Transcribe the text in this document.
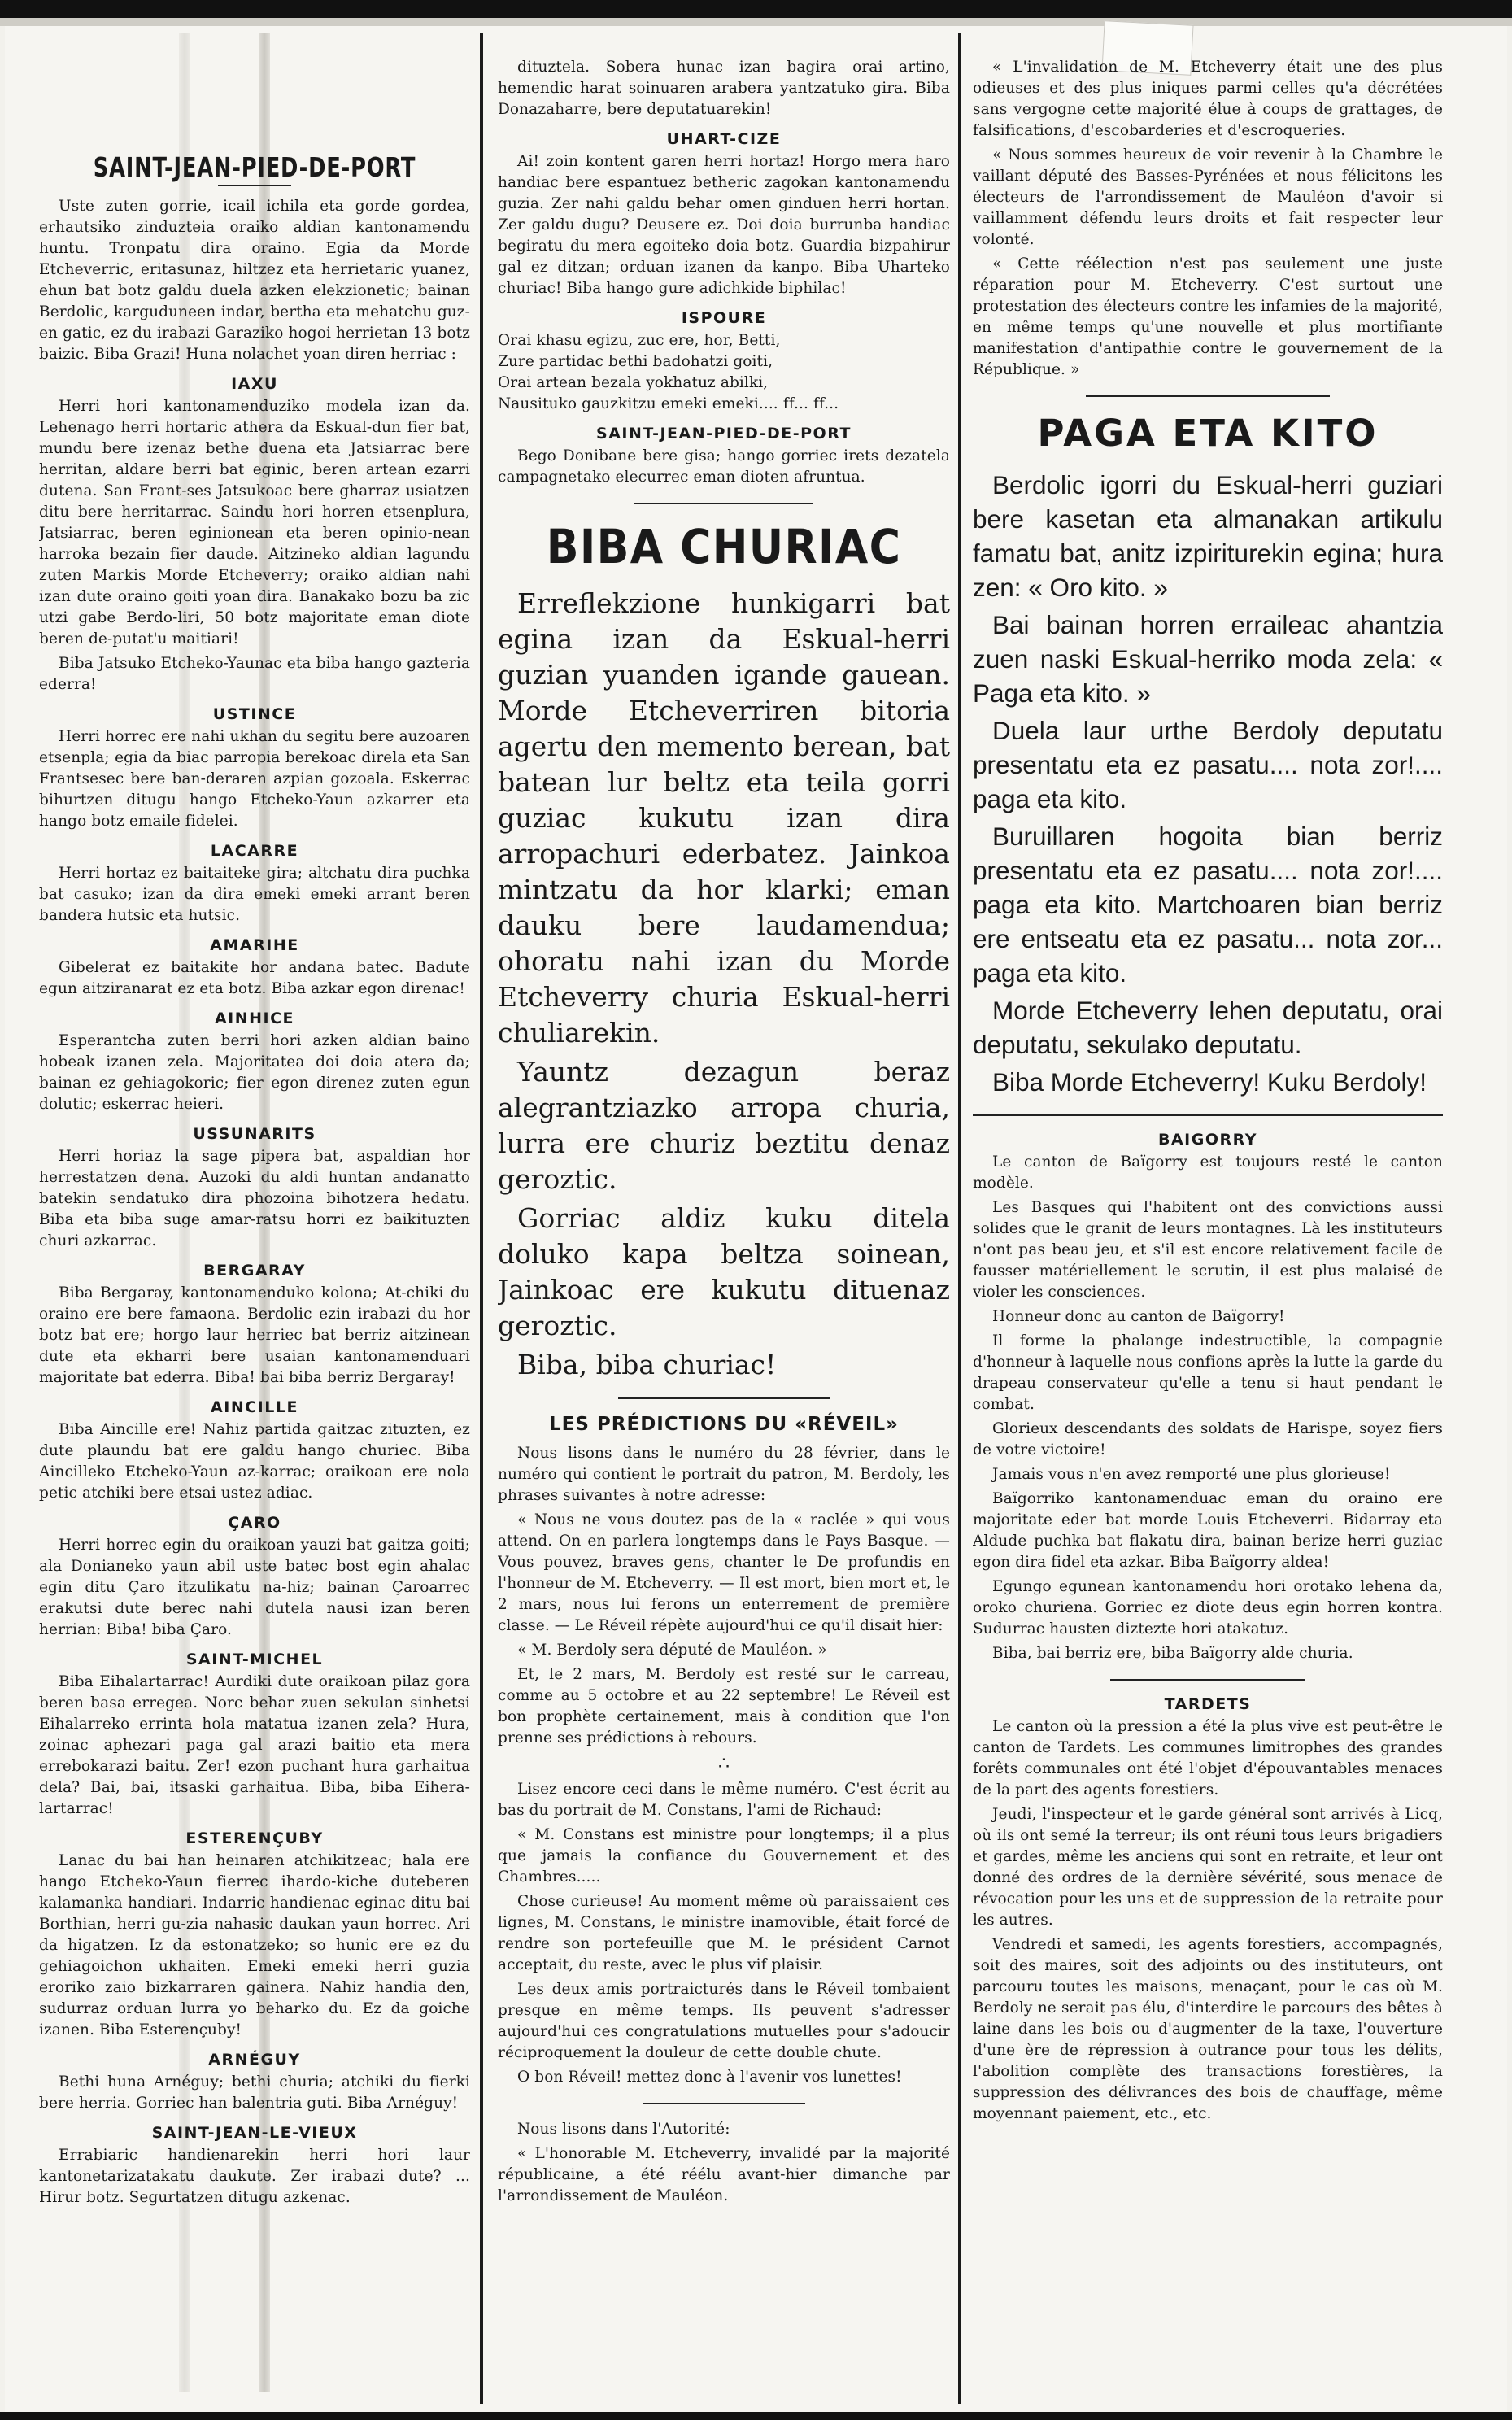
SAINT-JEAN-PIED-DE-PORT

Uste zuten gorrie, icail ichila eta gorde gordea, erhautsiko zinduzteia oraiko aldian kantonamendu huntu. Tronpatu dira oraino. Egia da Morde Etcheverric, eritasunaz, hiltzez eta herrietaric yuanez, ehun bat botz galdu duela azken elekzionetic; bainan Berdolic, karguduneen indar, bertha eta mehatchu guz-en gatic, ez du irabazi Garaziko hogoi herrietan 13 botz baizic. Biba Grazi! Huna nolachet yoan diren herriac :

IAXU

Herri hori kantonamenduziko modela izan da. Lehenago herri hortaric athera da Eskual-dun fier bat, mundu bere izenaz bethe duena eta Jatsiarrac bere herritan, aldare berri bat eginic, beren artean ezarri dutena. San Frant-ses Jatsukoac bere gharraz usiatzen ditu bere herritarrac. Saindu hori horren etsenplura, Jatsiarrac, beren eginionean eta beren opinio-nean harroka bezain fier daude. Aitzineko aldian lagundu zuten Markis Morde Etcheverry; oraiko aldian nahi izan dute oraino goiti yoan dira. Banakako bozu ba zic utzi gabe Berdo-liri, 50 botz majoritate eman diote beren de-putat'u maitiari!

Biba Jatsuko Etcheko-Yaunac eta biba hango gazteria ederra!

USTINCE

Herri horrec ere nahi ukhan du segitu bere auzoaren etsenpla; egia da biac parropia berekoac direla eta San Frantsesec bere ban-deraren azpian gozoala. Eskerrac bihurtzen ditugu hango Etcheko-Yaun azkarrer eta hango botz emaile fidelei.

LACARRE

Herri hortaz ez baitaiteke gira; altchatu dira puchka bat casuko; izan da dira emeki emeki arrant beren bandera hutsic eta hutsic.

AMARIHE

Gibelerat ez baitakite hor andana batec. Badute egun aitziranarat ez eta botz. Biba azkar egon direnac!

AINHICE

Esperantcha zuten berri hori azken aldian baino hobeak izanen zela. Majoritatea doi doia atera da; bainan ez gehiagokoric; fier egon direnez zuten egun dolutic; eskerrac heieri.

USSUNARITS

Herri horiaz la sage pipera bat, aspaldian hor herrestatzen dena. Auzoki du aldi huntan andanatto batekin sendatuko dira phozoina bihotzera hedatu. Biba eta biba suge amar-ratsu horri ez baikituzten churi azkarrac.

BERGARAY

Biba Bergaray, kantonamenduko kolona; At-chiki du oraino ere bere famaona. Berdolic ezin irabazi du hor botz bat ere; horgo laur herriec bat berriz aitzinean dute eta ekharri bere usaian kantonamenduari majoritate bat ederra. Biba! bai biba berriz Bergaray!

AINCILLE

Biba Aincille ere! Nahiz partida gaitzac zituzten, ez dute plaundu bat ere galdu hango churiec. Biba Aincilleko Etcheko-Yaun az-karrac; oraikoan ere nola petic atchiki bere etsai ustez adiac.

ÇARO

Herri horrec egin du oraikoan yauzi bat gaitza goiti; ala Donianeko yaun abil uste batec bost egin ahalac egin ditu Çaro itzulikatu na-hiz; bainan Çaroarrec erakutsi dute berec nahi dutela nausi izan beren herrian: Biba! biba Çaro.

SAINT-MICHEL

Biba Eihalartarrac! Aurdiki dute oraikoan pilaz gora beren basa erregea. Norc behar zuen sekulan sinhetsi Eihalarreko errinta hola matatua izanen zela? Hura, zoinac aphezari paga gal arazi baitio eta mera errebokarazi baitu. Zer! ezon puchant hura garhaitua dela? Bai, bai, itsaski garhaitua. Biba, biba Eihera-lartarrac!

ESTERENÇUBY

Lanac du bai han heinaren atchikitzeac; hala ere hango Etcheko-Yaun fierrec ihardo-kiche duteberen kalamanka handiari. Indarric handienac eginac ditu bai Borthian, herri gu-zia nahasic daukan yaun horrec. Ari da higatzen. Iz da estonatzeko; so hunic ere ez du gehiagoichon ukhaiten. Emeki emeki herri guzia eroriko zaio bizkarraren gainera. Nahiz handia den, sudurraz orduan lurra yo beharko du. Ez da goiche izanen. Biba Esterençuby!

ARNÉGUY

Bethi huna Arnéguy; bethi churia; atchiki du fierki bere herria. Gorriec han balentria guti. Biba Arnéguy!

SAINT-JEAN-LE-VIEUX

Errabiaric handienarekin herri hori laur kantonetarizatakatu daukute. Zer irabazi dute? ... Hirur botz. Segurtatzen ditugu azkenac.

dituztela. Sobera hunac izan bagira orai artino, hemendic harat soinuaren arabera yantzatuko gira. Biba Donazaharre, bere deputatuarekin!

UHART-CIZE

Ai! zoin kontent garen herri hortaz! Horgo mera haro handiac bere espantuez betheric zagokan kantonamendu guzia. Zer nahi galdu behar omen ginduen herri hortan. Zer galdu dugu? Deusere ez. Doi doia burrunba handiac begiratu du mera egoiteko doia botz. Guardia bizpahirur gal ez ditzan; orduan izanen da kanpo. Biba Uharteko churiac! Biba hango gure adichkide biphilac!

ISPOURE
Orai khasu egizu, zuc ere, hor, Betti,
Zure partidac bethi badohatzi goiti,
Orai artean bezala yokhatuz abilki,
Nausituko gauzkitzu emeki emeki.... ff... ff...
SAINT-JEAN-PIED-DE-PORT

Bego Donibane bere gisa; hango gorriec irets dezatela campagnetako elecurrec eman dioten afruntua.

BIBA CHURIAC

Erreflekzione hunkigarri bat egina izan da Eskual-herri guzian yuanden igande gauean. Morde Etcheverriren bitoria agertu den memento berean, bat batean lur beltz eta teila gorri guziac kukutu izan dira arropachuri ederbatez. Jainkoa mintzatu da hor klarki; eman dauku bere laudamendua; ohoratu nahi izan du Morde Etcheverry churia Eskual-herri chuliarekin.

Yauntz dezagun beraz alegrantziazko arropa churia, lurra ere churiz beztitu denaz geroztic.

Gorriac aldiz kuku ditela doluko kapa beltza soinean, Jainkoac ere kukutu dituenaz geroztic.

Biba, biba churiac!

LES PRÉDICTIONS DU «RÉVEIL»

Nous lisons dans le numéro du 28 février, dans le numéro qui contient le portrait du patron, M. Berdoly, les phrases suivantes à notre adresse:

« Nous ne vous doutez pas de la « raclée » qui vous attend. On en parlera longtemps dans le Pays Basque. — Vous pouvez, braves gens, chanter le De profundis en l'honneur de M. Etcheverry. — Il est mort, bien mort et, le 2 mars, nous lui ferons un enterrement de première classe. — Le Réveil répète aujourd'hui ce qu'il disait hier:

« M. Berdoly sera député de Mauléon. »

Et, le 2 mars, M. Berdoly est resté sur le carreau, comme au 5 octobre et au 22 septembre! Le Réveil est bon prophète certainement, mais à condition que l'on prenne ses prédictions à rebours.

∴

Lisez encore ceci dans le même numéro. C'est écrit au bas du portrait de M. Constans, l'ami de Richaud:

« M. Constans est ministre pour longtemps; il a plus que jamais la confiance du Gouvernement et des Chambres.....

Chose curieuse! Au moment même où paraissaient ces lignes, M. Constans, le ministre inamovible, était forcé de rendre son portefeuille que M. le président Carnot acceptait, du reste, avec le plus vif plaisir.

Les deux amis portraicturés dans le Réveil tombaient presque en même temps. Ils peuvent s'adresser aujourd'hui ces congratulations mutuelles pour s'adoucir réciproquement la douleur de cette double chute.

O bon Réveil! mettez donc à l'avenir vos lunettes!

Nous lisons dans l'Autorité:

« L'honorable M. Etcheverry, invalidé par la majorité républicaine, a été réélu avant-hier dimanche par l'arrondissement de Mauléon.

« L'invalidation de M. Etcheverry était une des plus odieuses et des plus iniques parmi celles qu'a décrétées sans vergogne cette majorité élue à coups de grattages, de falsifications, d'escobarderies et d'escroqueries.

« Nous sommes heureux de voir revenir à la Chambre le vaillant député des Basses-Pyrénées et nous félicitons les électeurs de l'arrondissement de Mauléon d'avoir si vaillamment défendu leurs droits et fait respecter leur volonté.

« Cette réélection n'est pas seulement une juste réparation pour M. Etcheverry. C'est surtout une protestation des électeurs contre les infamies de la majorité, en même temps qu'une nouvelle et plus mortifiante manifestation d'antipathie contre le gouvernement de la République. »

PAGA ETA KITO

Berdolic igorri du Eskual-herri guziari bere kasetan eta almanakan artikulu famatu bat, anitz izpiriturekin egina; hura zen: « Oro kito. »

Bai bainan horren erraileac ahantzia zuen naski Eskual-herriko moda zela: « Paga eta kito. »

Duela laur urthe Berdoly deputatu presentatu eta ez pasatu.... nota zor!.... paga eta kito.

Buruillaren hogoita bian berriz presentatu eta ez pasatu.... nota zor!.... paga eta kito. Martchoaren bian berriz ere entseatu eta ez pasatu... nota zor... paga eta kito.

Morde Etcheverry lehen deputatu, orai deputatu, sekulako deputatu.

Biba Morde Etcheverry! Kuku Berdoly!

BAIGORRY

Le canton de Baïgorry est toujours resté le canton modèle.

Les Basques qui l'habitent ont des convictions aussi solides que le granit de leurs montagnes. Là les instituteurs n'ont pas beau jeu, et s'il est encore relativement facile de fausser matériellement le scrutin, il est plus malaisé de violer les consciences.

Honneur donc au canton de Baïgorry!

Il forme la phalange indestructible, la compagnie d'honneur à laquelle nous confions après la lutte la garde du drapeau conservateur qu'elle a tenu si haut pendant le combat.

Glorieux descendants des soldats de Harispe, soyez fiers de votre victoire!

Jamais vous n'en avez remporté une plus glorieuse!

Baïgorriko kantonamenduac eman du oraino ere majoritate eder bat morde Louis Etcheverri. Bidarray eta Aldude puchka bat flakatu dira, bainan berize herri guziac egon dira fidel eta azkar. Biba Baïgorry aldea!

Egungo egunean kantonamendu hori orotako lehena da, oroko churiena. Gorriec ez diote deus egin horren kontra. Sudurrac hausten diztezte hori atakatuz.

Biba, bai berriz ere, biba Baïgorry alde churia.

TARDETS

Le canton où la pression a été la plus vive est peut-être le canton de Tardets. Les communes limitrophes des grandes forêts communales ont été l'objet d'épouvantables menaces de la part des agents forestiers.

Jeudi, l'inspecteur et le garde général sont arrivés à Licq, où ils ont semé la terreur; ils ont réuni tous leurs brigadiers et gardes, même les anciens qui sont en retraite, et leur ont donné des ordres de la dernière sévérité, sous menace de révocation pour les uns et de suppression de la retraite pour les autres.

Vendredi et samedi, les agents forestiers, accompagnés, soit des maires, soit des adjoints ou des instituteurs, ont parcouru toutes les maisons, menaçant, pour le cas où M. Berdoly ne serait pas élu, d'interdire le parcours des bêtes à laine dans les bois ou d'augmenter de la taxe, l'ouverture d'une ère de répression à outrance pour tous les délits, l'abolition complète des transactions forestières, la suppression des délivrances des bois de chauffage, même moyennant paiement, etc., etc.
